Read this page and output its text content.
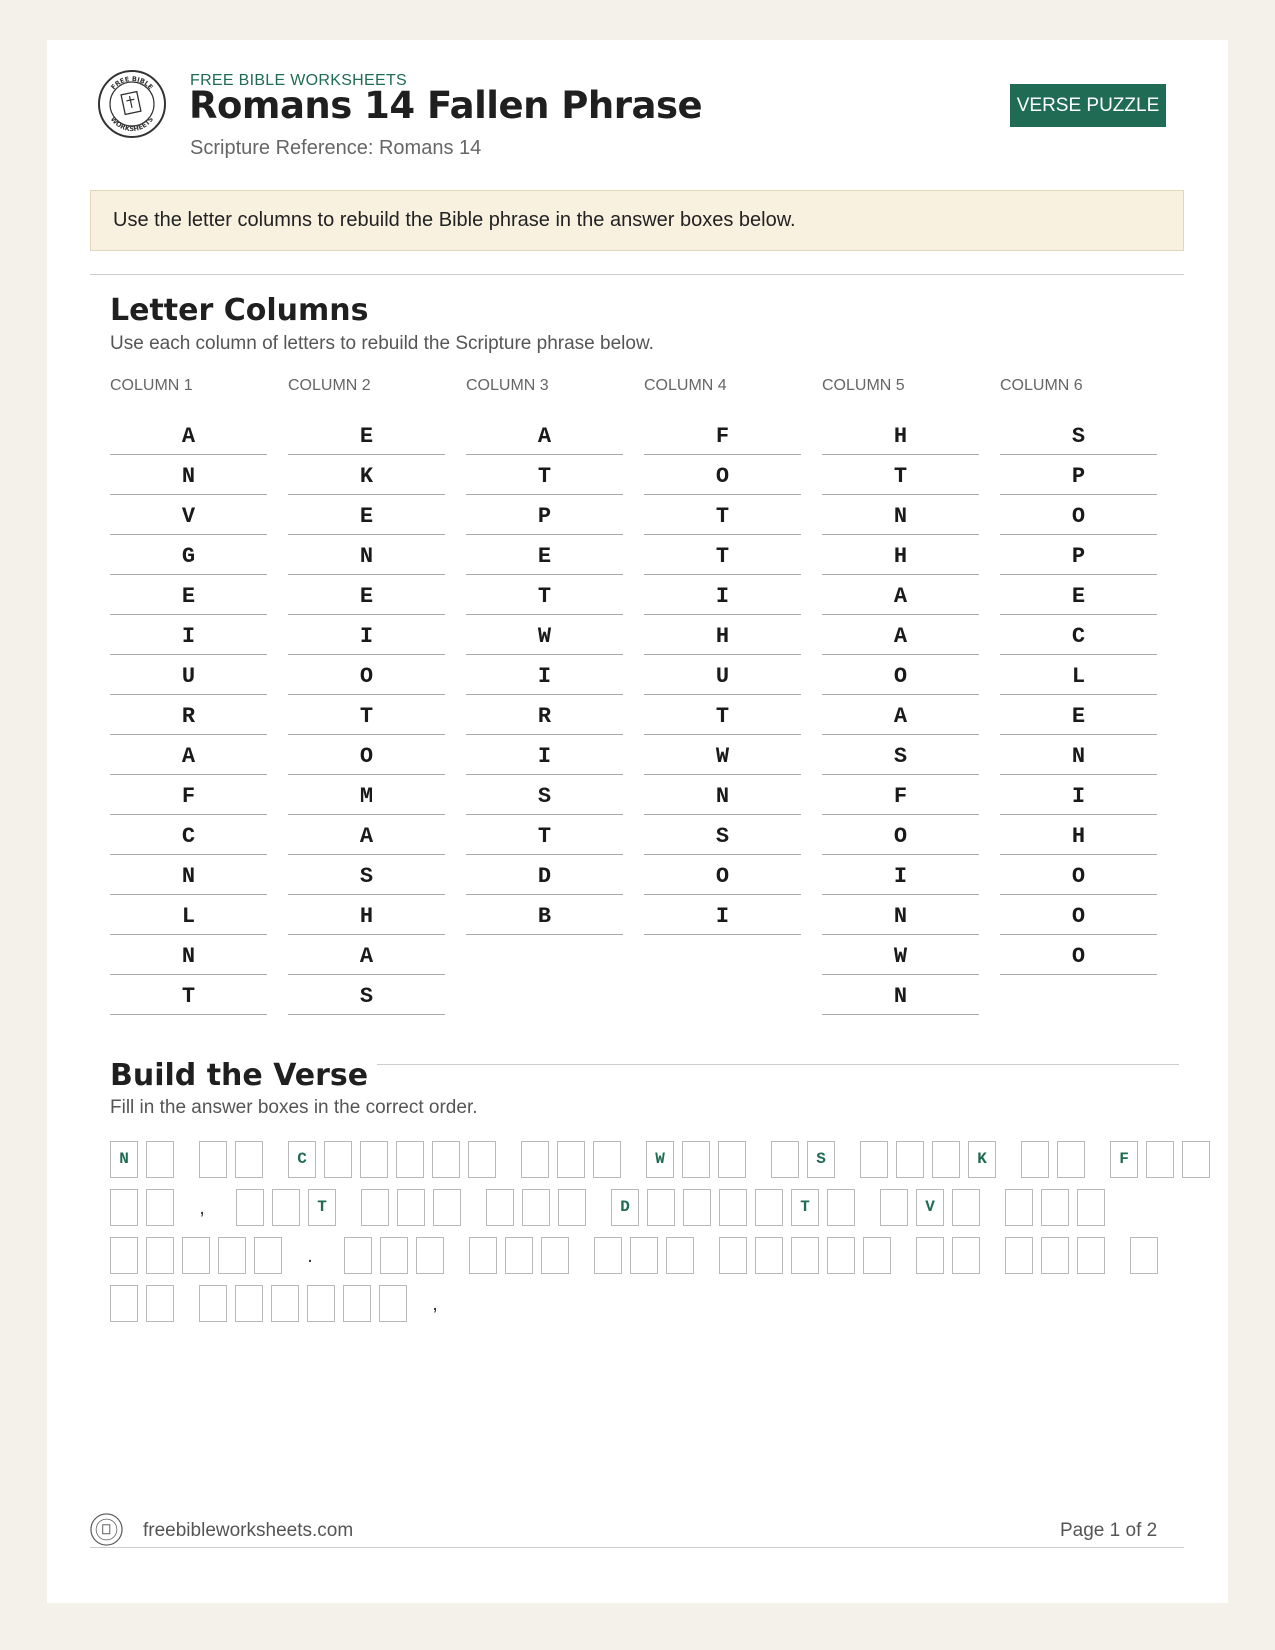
FREE BIBLE
WORKSHEETS
FREE BIBLE WORKSHEETS
Romans 14 Fallen Phrase
Scripture Reference: Romans 14
VERSE PUZZLE
Use the letter columns to rebuild the Bible phrase in the answer boxes below.
Letter Columns
Use each column of letters to rebuild the Scripture phrase below.
COLUMN 1
A
N
V
G
E
I
U
R
A
F
C
N
L
N
T
COLUMN 2
E
K
E
N
E
I
O
T
O
M
A
S
H
A
S
COLUMN 3
A
T
P
E
T
W
I
R
I
S
T
D
B
COLUMN 4
F
O
T
T
I
H
U
T
W
N
S
O
I
COLUMN 5
H
T
N
H
A
A
O
A
S
F
O
I
N
W
N
COLUMN 6
S
P
O
P
E
C
L
E
N
I
H
O
O
O
Build the Verse
Fill in the answer boxes in the correct order.
N	C	W	S	K	F
,	T	D	T	V
.
,
freebibleworksheets.com	Page 1 of 2
